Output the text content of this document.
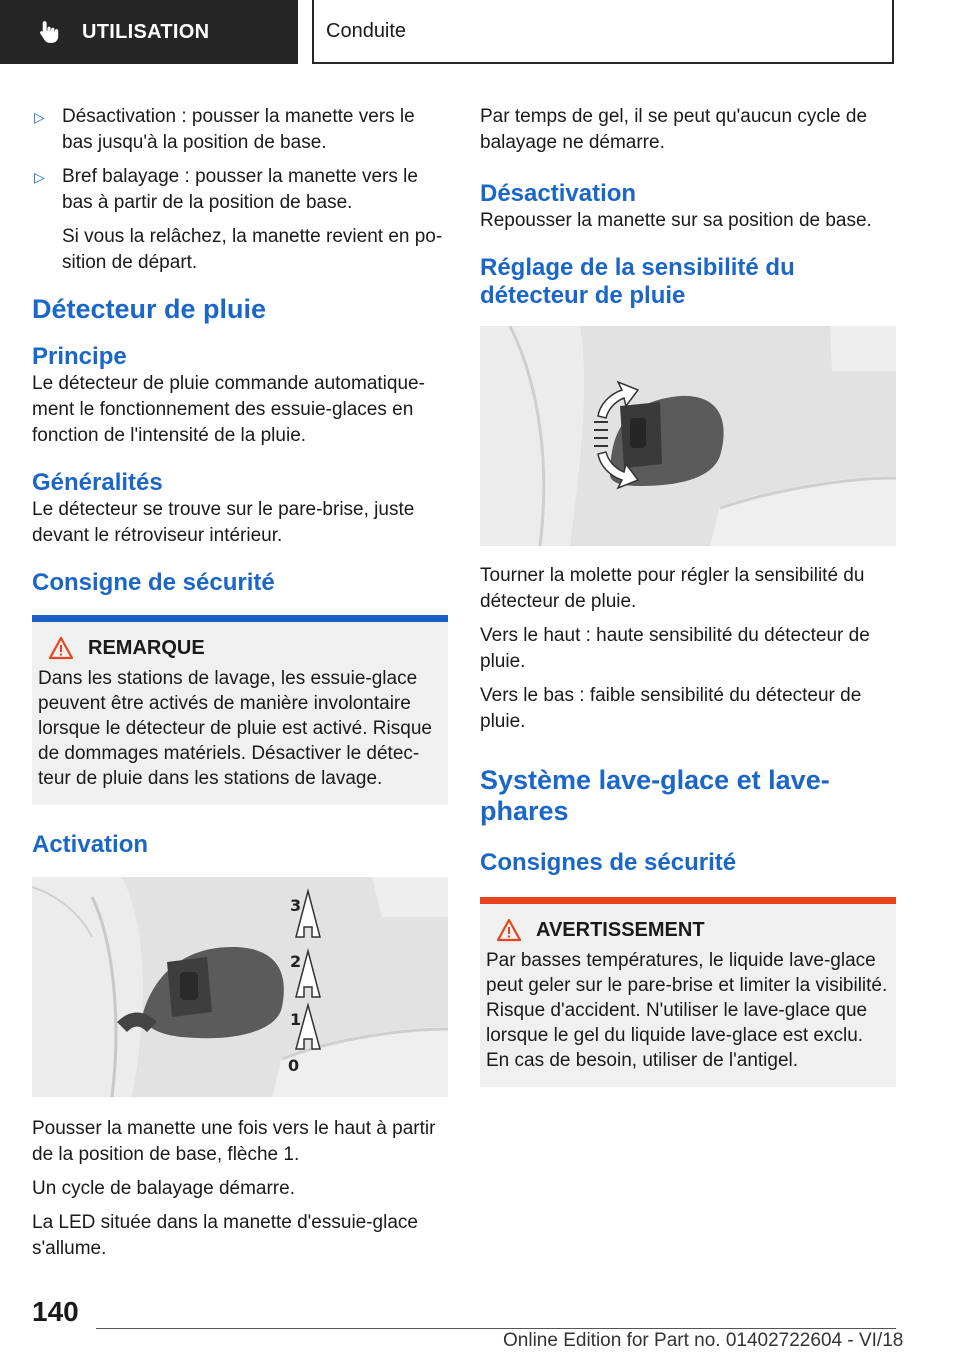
UTILISATION	Conduite
▷ Désactivation : pousser la manette vers le bas jusqu'à la position de base.
▷ Bref balayage : pousser la manette vers le bas à partir de la position de base.

Si vous la relâchez, la manette revient en po‐sition de départ.

Détecteur de pluie
Principe

Le détecteur de pluie commande automatique‐ment le fonctionnement des essuie-glaces en fonction de l'intensité de la pluie.

Généralités

Le détecteur se trouve sur le pare-brise, juste devant le rétroviseur intérieur.

Consigne de sécurité
REMARQUE
Dans les stations de lavage, les essuie-glace peuvent être activés de manière involontaire lorsque le détecteur de pluie est activé. Risque de dommages matériels. Désactiver le détec‐teur de pluie dans les stations de lavage.
Activation
3
2
1
0

Pousser la manette une fois vers le haut à partir de la position de base, flèche 1.

Un cycle de balayage démarre.

La LED située dans la manette d'essuie-glace s'allume.

Par temps de gel, il se peut qu'aucun cycle de balayage ne démarre.

Désactivation

Repousser la manette sur sa position de base.

Réglage de la sensibilité du détecteur de pluie

Tourner la molette pour régler la sensibilité du détecteur de pluie.

Vers le haut : haute sensibilité du détecteur de pluie.

Vers le bas : faible sensibilité du détecteur de pluie.

Système lave-glace et lave-phares
Consignes de sécurité
AVERTISSEMENT
Par basses températures, le liquide lave-glace peut geler sur le pare-brise et limiter la visibilité. Risque d'accident. N'utiliser le lave-glace que lorsque le gel du liquide lave-glace est exclu. En cas de besoin, utiliser de l'antigel.
140
Online Edition for Part no. 01402722604 - VI/18
